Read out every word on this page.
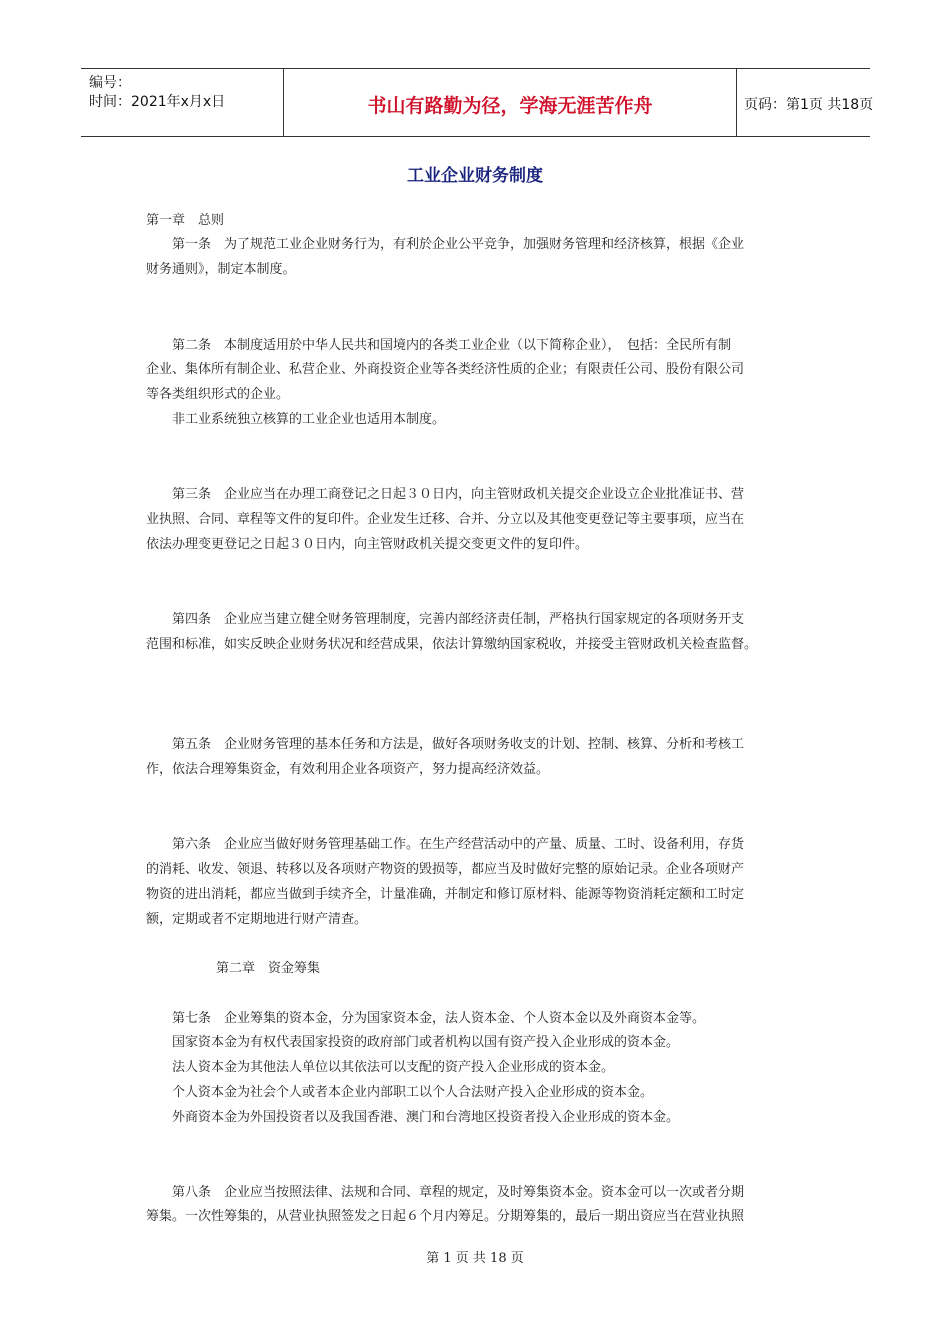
编号：
时间：2021年x月x日	书山有路勤为径，学海无涯苦作舟	页码：第1页 共18页
工业企业财务制度
第一章　总则
第一条　为了规范工业企业财务行为，有利於企业公平竞争，加强财务管理和经济核算，根据《企业
财务通则》，制定本制度。
第二条　本制度适用於中华人民共和国境内的各类工业企业（以下简称企业），　包括：全民所有制
企业、集体所有制企业、私营企业、外商投资企业等各类经济性质的企业；有限责任公司、股份有限公司
等各类组织形式的企业。
非工业系统独立核算的工业企业也适用本制度。
第三条　企业应当在办理工商登记之日起３０日内，向主管财政机关提交企业设立企业批准证书、营
业执照、合同、章程等文件的复印件。企业发生迁移、合并、分立以及其他变更登记等主要事项，应当在
依法办理变更登记之日起３０日内，向主管财政机关提交变更文件的复印件。
第四条　企业应当建立健全财务管理制度，完善内部经济责任制，严格执行国家规定的各项财务开支
范围和标准，如实反映企业财务状况和经营成果，依法计算缴纳国家税收，并接受主管财政机关检查监督。
第五条　企业财务管理的基本任务和方法是，做好各项财务收支的计划、控制、核算、分析和考核工
作，依法合理筹集资金，有效利用企业各项资产，努力提高经济效益。
第六条　企业应当做好财务管理基础工作。在生产经营活动中的产量、质量、工时、设备利用，存货
的消耗、收发、领退、转移以及各项财产物资的毁损等，都应当及时做好完整的原始记录。企业各项财产
物资的进出消耗，都应当做到手续齐全，计量准确，并制定和修订原材料、能源等物资消耗定额和工时定
额，定期或者不定期地进行财产清查。
第二章　资金筹集
第七条　企业筹集的资本金，分为国家资本金，法人资本金、个人资本金以及外商资本金等。
国家资本金为有权代表国家投资的政府部门或者机构以国有资产投入企业形成的资本金。
法人资本金为其他法人单位以其依法可以支配的资产投入企业形成的资本金。
个人资本金为社会个人或者本企业内部职工以个人合法财产投入企业形成的资本金。
外商资本金为外国投资者以及我国香港、澳门和台湾地区投资者投入企业形成的资本金。
第八条　企业应当按照法律、法规和合同、章程的规定，及时筹集资本金。资本金可以一次或者分期
筹集。一次性筹集的，从营业执照签发之日起６个月内筹足。分期筹集的，最后一期出资应当在营业执照
第 1 页 共 18 页
